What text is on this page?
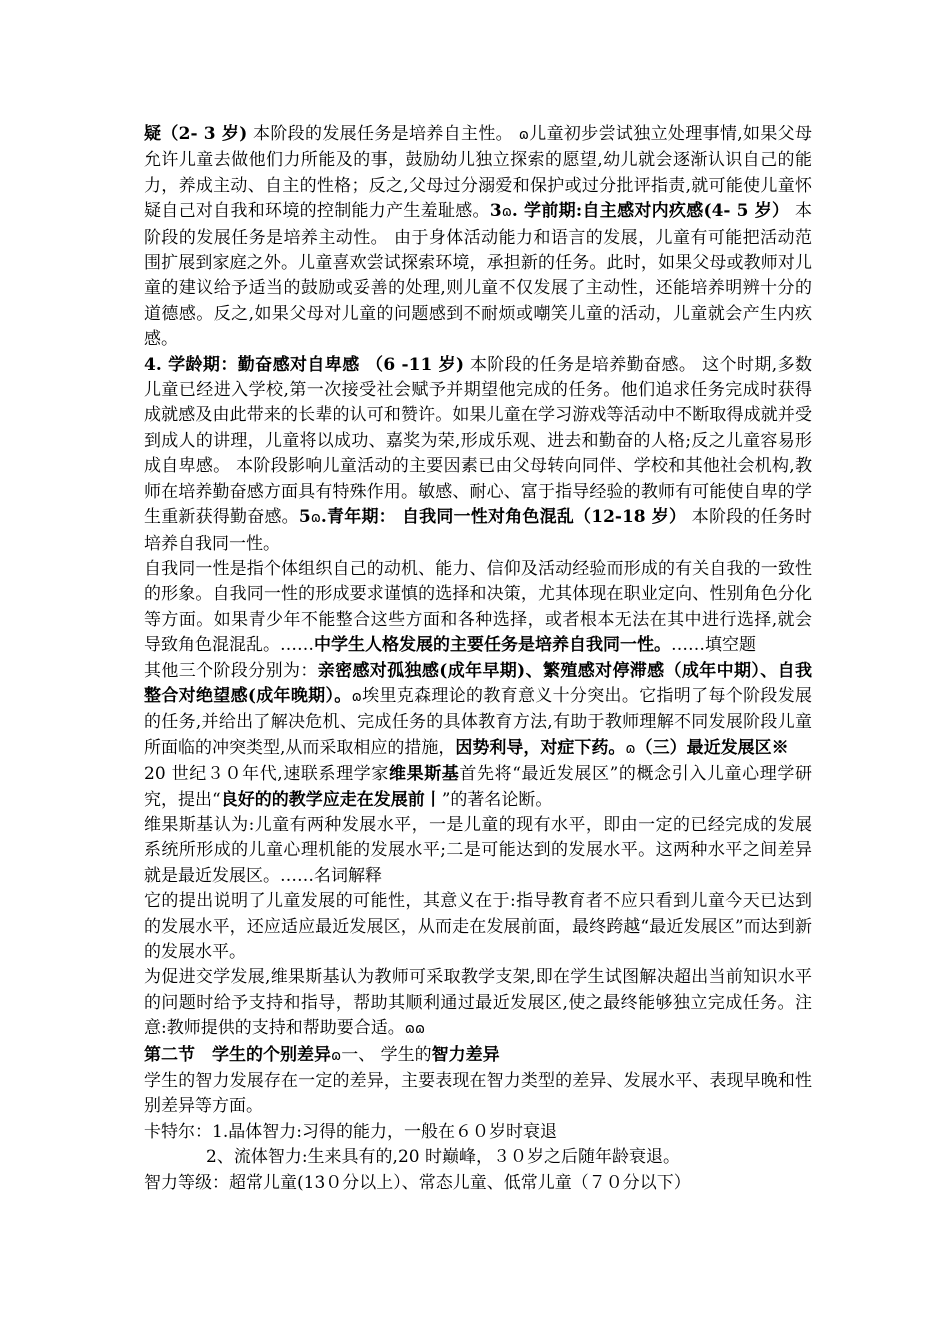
疑（2- 3 岁) 本阶段的发展任务是培养自主性。 ɷ儿童初步尝试独立处理事情,如果父母允许儿童去做他们力所能及的事，鼓励幼儿独立探索的愿望,幼儿就会逐渐认识自己的能力，养成主动、自主的性格；反之,父母过分溺爱和保护或过分批评指责,就可能使儿童怀疑自己对自我和环境的控制能力产生羞耻感。3ɷ. 学前期:自主感对内疚感(4- 5 岁） 本阶段的发展任务是培养主动性。 由于身体活动能力和语言的发展，儿童有可能把活动范围扩展到家庭之外。儿童喜欢尝试探索环境，承担新的任务。此时，如果父母或教师对儿童的建议给予适当的鼓励或妥善的处理,则儿童不仅发展了主动性，还能培养明辨十分的道德感。反之,如果父母对儿童的问题感到不耐烦或嘲笑儿童的活动，儿童就会产生内疚感。

4. 学龄期：勤奋感对自卑感 （6 -11 岁) 本阶段的任务是培养勤奋感。 这个时期,多数儿童已经进入学校,第一次接受社会赋予并期望他完成的任务。他们追求任务完成时获得成就感及由此带来的长辈的认可和赞许。如果儿童在学习游戏等活动中不断取得成就并受到成人的讲理，儿童将以成功、嘉奖为荣,形成乐观、进去和勤奋的人格;反之儿童容易形成自卑感。 本阶段影响儿童活动的主要因素已由父母转向同伴、学校和其他社会机构,教师在培养勤奋感方面具有特殊作用。敏感、耐心、富于指导经验的教师有可能使自卑的学生重新获得勤奋感。5ɷ.青年期： 自我同一性对角色混乱（12-18 岁） 本阶段的任务时培养自我同一性。

自我同一性是指个体组织自己的动机、能力、信仰及活动经验而形成的有关自我的一致性的形象。自我同一性的形成要求谨慎的选择和决策，尤其体现在职业定向、性别角色分化等方面。如果青少年不能整合这些方面和各种选择，或者根本无法在其中进行选择,就会导致角色混混乱。……中学生人格发展的主要任务是培养自我同一性。……填空题

其他三个阶段分别为：亲密感对孤独感(成年早期)、繁殖感对停滞感（成年中期）、自我整合对绝望感(成年晚期）。ɷ埃里克森理论的教育意义十分突出。它指明了每个阶段发展的任务,并给出了解决危机、完成任务的具体教育方法,有助于教师理解不同发展阶段儿童所面临的冲突类型,从而采取相应的措施，因势利导，对症下药。ɷ（三）最近发展区※

20 世纪３０年代,速联系理学家维果斯基首先将“最近发展区”的概念引入儿童心理学研究，提出“良好的的教学应走在发展前丨”的著名论断。

维果斯基认为:儿童有两种发展水平，一是儿童的现有水平，即由一定的已经完成的发展系统所形成的儿童心理机能的发展水平;二是可能达到的发展水平。这两种水平之间差异就是最近发展区。……名词解释

它的提出说明了儿童发展的可能性，其意义在于:指导教育者不应只看到儿童今天已达到的发展水平，还应适应最近发展区，从而走在发展前面，最终跨越“最近发展区”而达到新的发展水平。

为促进交学发展,维果斯基认为教师可采取教学支架,即在学生试图解决超出当前知识水平的问题时给予支持和指导，帮助其顺利通过最近发展区,使之最终能够独立完成任务。注意:教师提供的支持和帮助要合适。ɷɷ

第二节　学生的个别差异ɷ一、 学生的智力差异

学生的智力发展存在一定的差异，主要表现在智力类型的差异、发展水平、表现早晚和性别差异等方面。

卡特尔：1.晶体智力:习得的能力，一般在６０岁时衰退

2、流体智力:生来具有的,20 时巅峰，３０岁之后随年龄衰退。

智力等级：超常儿童(13０分以上）、常态儿童、低常儿童（７０分以下）
